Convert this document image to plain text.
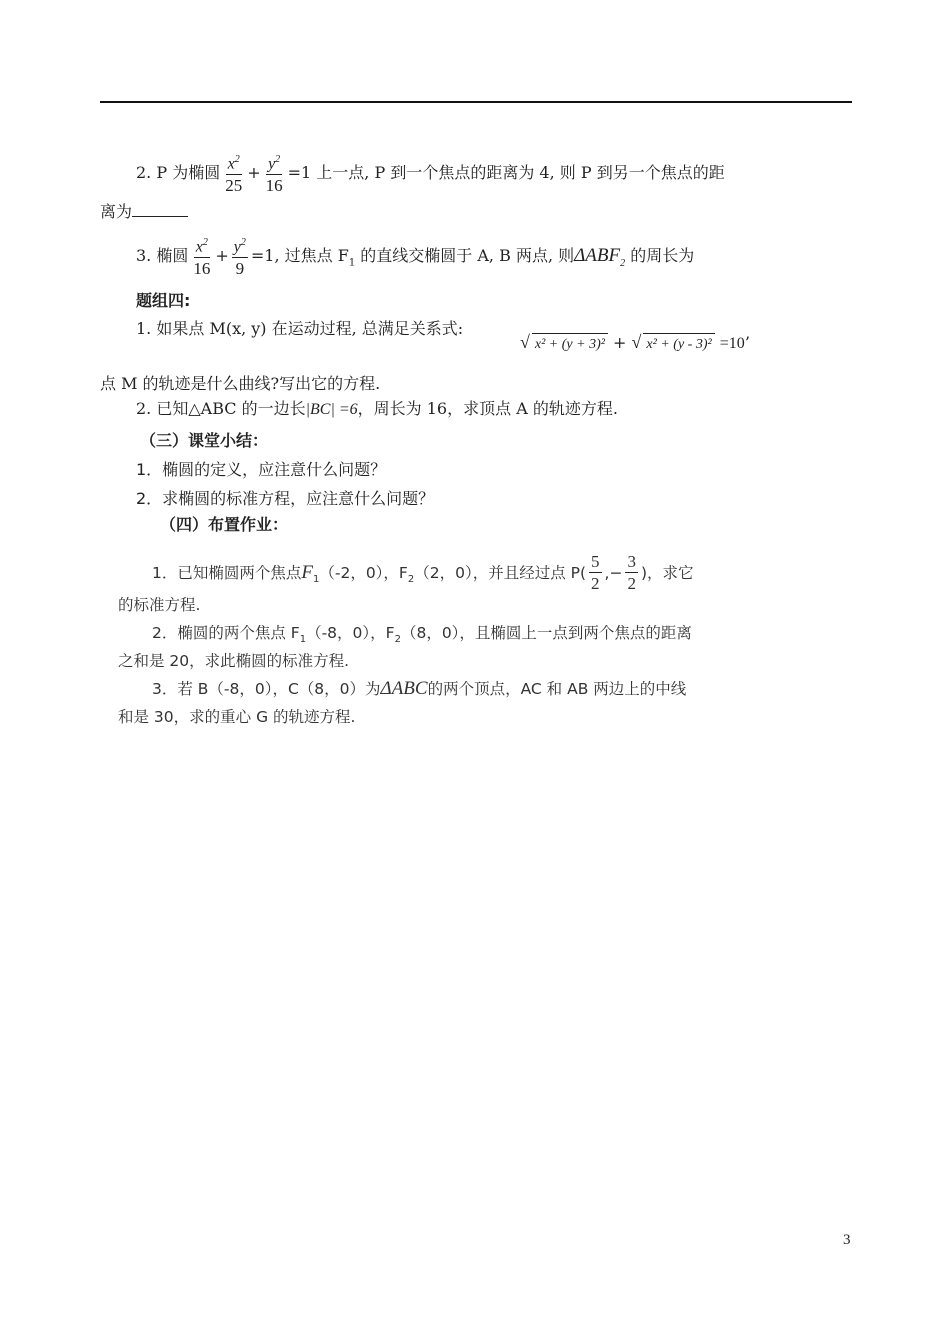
2. P 为椭圆 $\frac{x^2}{25} + \frac{y^2}{16} =1$ 上一点, P 到一个焦点的距离为 4, 则 P 到另一个焦点的距
离为
3. 椭圆 $\frac{x^2}{16} + \frac{y^2}{9} =1$, 过焦点 $F_1$ 的直线交椭圆于 A, B 两点, 则$\Delta ABF_2$ 的周长为
题组四:
1. 如果点 M(x, y) 在运动过程, 总满足关系式:
√ x² + (y + 3)² + √ x² + (y - 3)² =10’
点 M 的轨迹是什么曲线?写出它的方程.
2. 已知△ABC 的一边长|BC| =6，周长为 16，求顶点 A 的轨迹方程.
（三）课堂小结：
1．椭圆的定义，应注意什么问题？
2．求椭圆的标准方程，应注意什么问题？
（四）布置作业：
1．已知椭圆两个焦点$F_1(-2$，0），$F_2(2$，0），并且经过点 $P( \frac{5}{2}$ ,− $\frac{3}{2}$ )，求它
的标准方程.
2．椭圆的两个焦点 $F_1(-8$，0），$F_2(8$，0），且椭圆上一点到两个焦点的距离
之和是 20，求此椭圆的标准方程.
3．若 B（-8，0），C（8，0）为ΔABC的两个顶点，AC 和 AB 两边上的中线
和是 30，求的重心 G 的轨迹方程.
3
